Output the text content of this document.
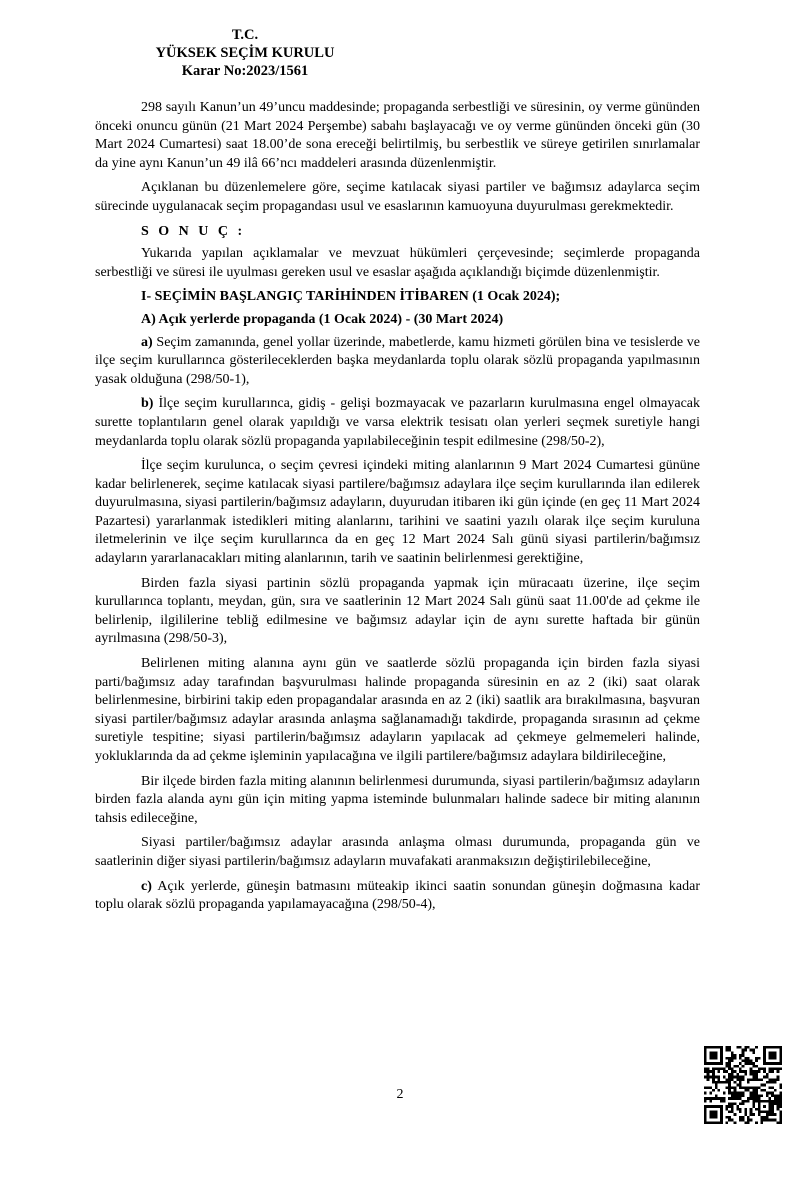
T.C.
YÜKSEK SEÇİM KURULU
Karar No:2023/1561

298 sayılı Kanun’un 49’uncu maddesinde; propaganda serbestliği ve süresinin, oy verme gününden önceki onuncu günün (21 Mart 2024 Perşembe) sabahı başlayacağı ve oy verme gününden önceki gün (30 Mart 2024 Cumartesi) saat 18.00’de sona ereceği belirtilmiş, bu serbestlik ve süreye getirilen sınırlamalar da yine aynı Kanun’un 49 ilâ 66’ncı maddeleri arasında düzenlenmiştir.

Açıklanan bu düzenlemelere göre, seçime katılacak siyasi partiler ve bağımsız adaylarca seçim sürecinde uygulanacak seçim propagandası usul ve esaslarının kamuoyuna duyurulması gerekmektedir.

S O N U Ç :

Yukarıda yapılan açıklamalar ve mevzuat hükümleri çerçevesinde; seçimlerde propaganda serbestliği ve süresi ile uyulması gereken usul ve esaslar aşağıda açıklandığı biçimde düzenlenmiştir.

I- SEÇİMİN BAŞLANGIÇ TARİHİNDEN İTİBAREN (1 Ocak 2024);

A) Açık yerlerde propaganda (1 Ocak 2024) - (30 Mart 2024)

a) Seçim zamanında, genel yollar üzerinde, mabetlerde, kamu hizmeti görülen bina ve tesislerde ve ilçe seçim kurullarınca gösterileceklerden başka meydanlarda toplu olarak sözlü propaganda yapılmasının yasak olduğuna (298/50-1),

b) İlçe seçim kurullarınca, gidiş - gelişi bozmayacak ve pazarların kurulmasına engel olmayacak surette toplantıların genel olarak yapıldığı ve varsa elektrik tesisatı olan yerleri seçmek suretiyle hangi meydanlarda toplu olarak sözlü propaganda yapılabileceğinin tespit edilmesine (298/50-2),

İlçe seçim kurulunca, o seçim çevresi içindeki miting alanlarının 9 Mart 2024 Cumartesi gününe kadar belirlenerek, seçime katılacak siyasi partilere/bağımsız adaylara ilçe seçim kurullarında ilan edilerek duyurulmasına, siyasi partilerin/bağımsız adayların, duyurudan itibaren iki gün içinde (en geç 11 Mart 2024 Pazartesi) yararlanmak istedikleri miting alanlarını, tarihini ve saatini yazılı olarak ilçe seçim kuruluna iletmelerinin ve ilçe seçim kurullarınca da en geç 12 Mart 2024 Salı günü siyasi partilerin/bağımsız adayların yararlanacakları miting alanlarının, tarih ve saatinin belirlenmesi gerektiğine,

Birden fazla siyasi partinin sözlü propaganda yapmak için müracaatı üzerine, ilçe seçim kurullarınca toplantı, meydan, gün, sıra ve saatlerinin 12 Mart 2024 Salı günü saat 11.00'de ad çekme ile belirlenip, ilgililerine tebliğ edilmesine ve bağımsız adaylar için de aynı surette haftada bir günün ayrılmasına (298/50-3),

Belirlenen miting alanına aynı gün ve saatlerde sözlü propaganda için birden fazla siyasi parti/bağımsız aday tarafından başvurulması halinde propaganda süresinin en az 2 (iki) saat olarak belirlenmesine, birbirini takip eden propagandalar arasında en az 2 (iki) saatlik ara bırakılmasına, başvuran siyasi partiler/bağımsız adaylar arasında anlaşma sağlanamadığı takdirde, propaganda sırasının ad çekme suretiyle tespitine; siyasi partilerin/bağımsız adayların yapılacak ad çekmeye gelmemeleri halinde, yokluklarında da ad çekme işleminin yapılacağına ve ilgili partilere/bağımsız adaylara bildirileceğine,

Bir ilçede birden fazla miting alanının belirlenmesi durumunda, siyasi partilerin/bağımsız adayların birden fazla alanda aynı gün için miting yapma isteminde bulunmaları halinde sadece bir miting alanının tahsis edileceğine,

Siyasi partiler/bağımsız adaylar arasında anlaşma olması durumunda, propaganda gün ve saatlerinin diğer siyasi partilerin/bağımsız adayların muvafakati aranmaksızın değiştirilebileceğine,

c) Açık yerlerde, güneşin batmasını müteakip ikinci saatin sonundan güneşin doğmasına kadar toplu olarak sözlü propaganda yapılamayacağına (298/50-4),

2
